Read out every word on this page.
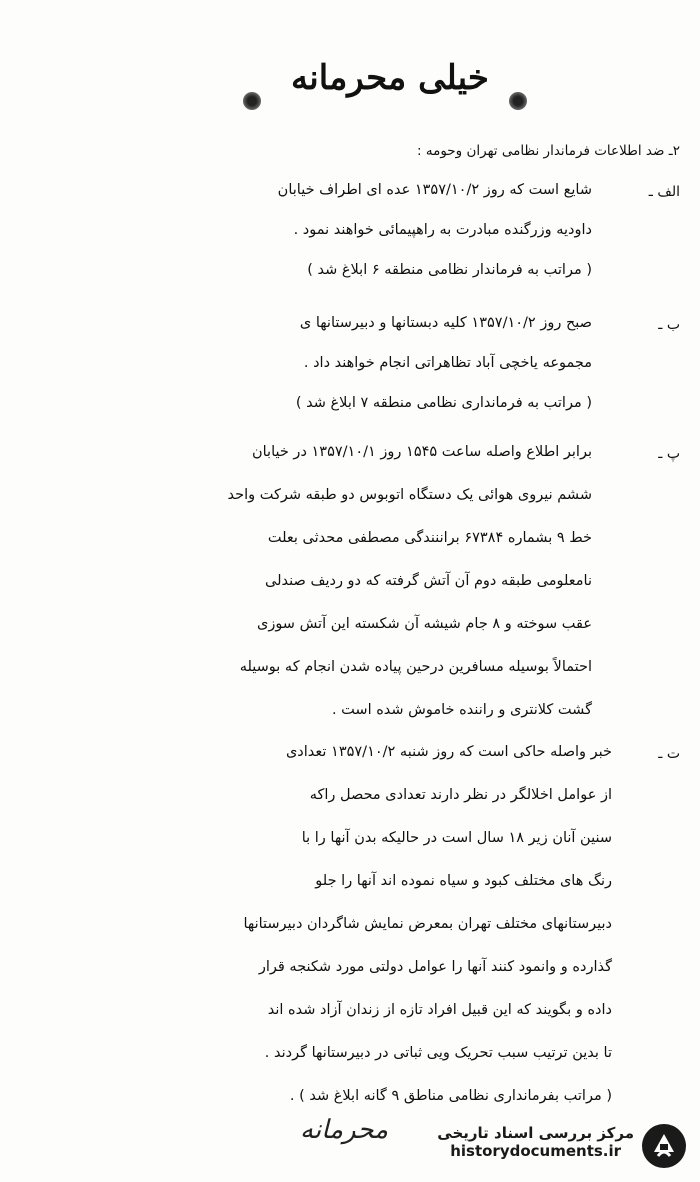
خیلی محرمانه
۲ـ ضد اطلاعات فرماندار نظامی تهران وحومه :
الف ـ
شایع است که روز ۱۳۵۷/۱۰/۲ عده ای اطراف خیابان
داودیه وزرگنده مبادرت به راهپیمائی خواهند نمود .
( مراتب به فرماندار نظامی منطقه ۶ ابلاغ شد )
ب ـ
صبح روز ۱۳۵۷/۱۰/۲ کلیه دبستانها و دبیرستانها ی
مجموعه یاخچی آباد تظاهراتی انجام خواهند داد .
( مراتب به فرمانداری نظامی منطقه ۷ ابلاغ شد )
پ ـ
برابر اطلاع واصله ساعت ۱۵۴۵ روز ۱۳۵۷/۱۰/۱ در خیابان
ششم نیروی هوائی یک دستگاه اتوبوس دو طبقه شرکت واحد
خط ۹ بشماره ۶۷۳۸۴ براننندگی مصطفی محدثی بعلت
نامعلومی طبقه دوم آن آتش گرفته که دو ردیف صندلی
عقب سوخته و ۸ جام شیشه آن شکسته این آتش سوزی
احتمالاً بوسیله مسافرین درحین پیاده شدن انجام که بوسیله
گشت کلانتری و راننده خاموش شده است .
ت ـ
خبر واصله حاکی است که روز شنبه ۱۳۵۷/۱۰/۲ تعدادی
از عوامل اخلالگر در نظر دارند تعدادی محصل راکه
سنین آنان زیر ۱۸ سال است در حالیکه بدن آنها را با
رنگ های مختلف کبود و سیاه نموده اند آنها را جلو
دبیرستانهای مختلف تهران بمعرض نمایش شاگردان دبیرستانها
گذارده و وانمود کنند آنها را عوامل دولتی مورد شکنجه قرار
داده و بگویند که این قبیل افراد تازه از زندان آزاد شده اند
تا بدین ترتیب سبب تحریک ویی ثباتی در دبیرستانها گردند .
( مراتب بفرمانداری نظامی مناطق ۹ گانه ابلاغ شد ) .
محرمانه	مرکز بررسی اسناد تاریخی
historydocuments.ir
